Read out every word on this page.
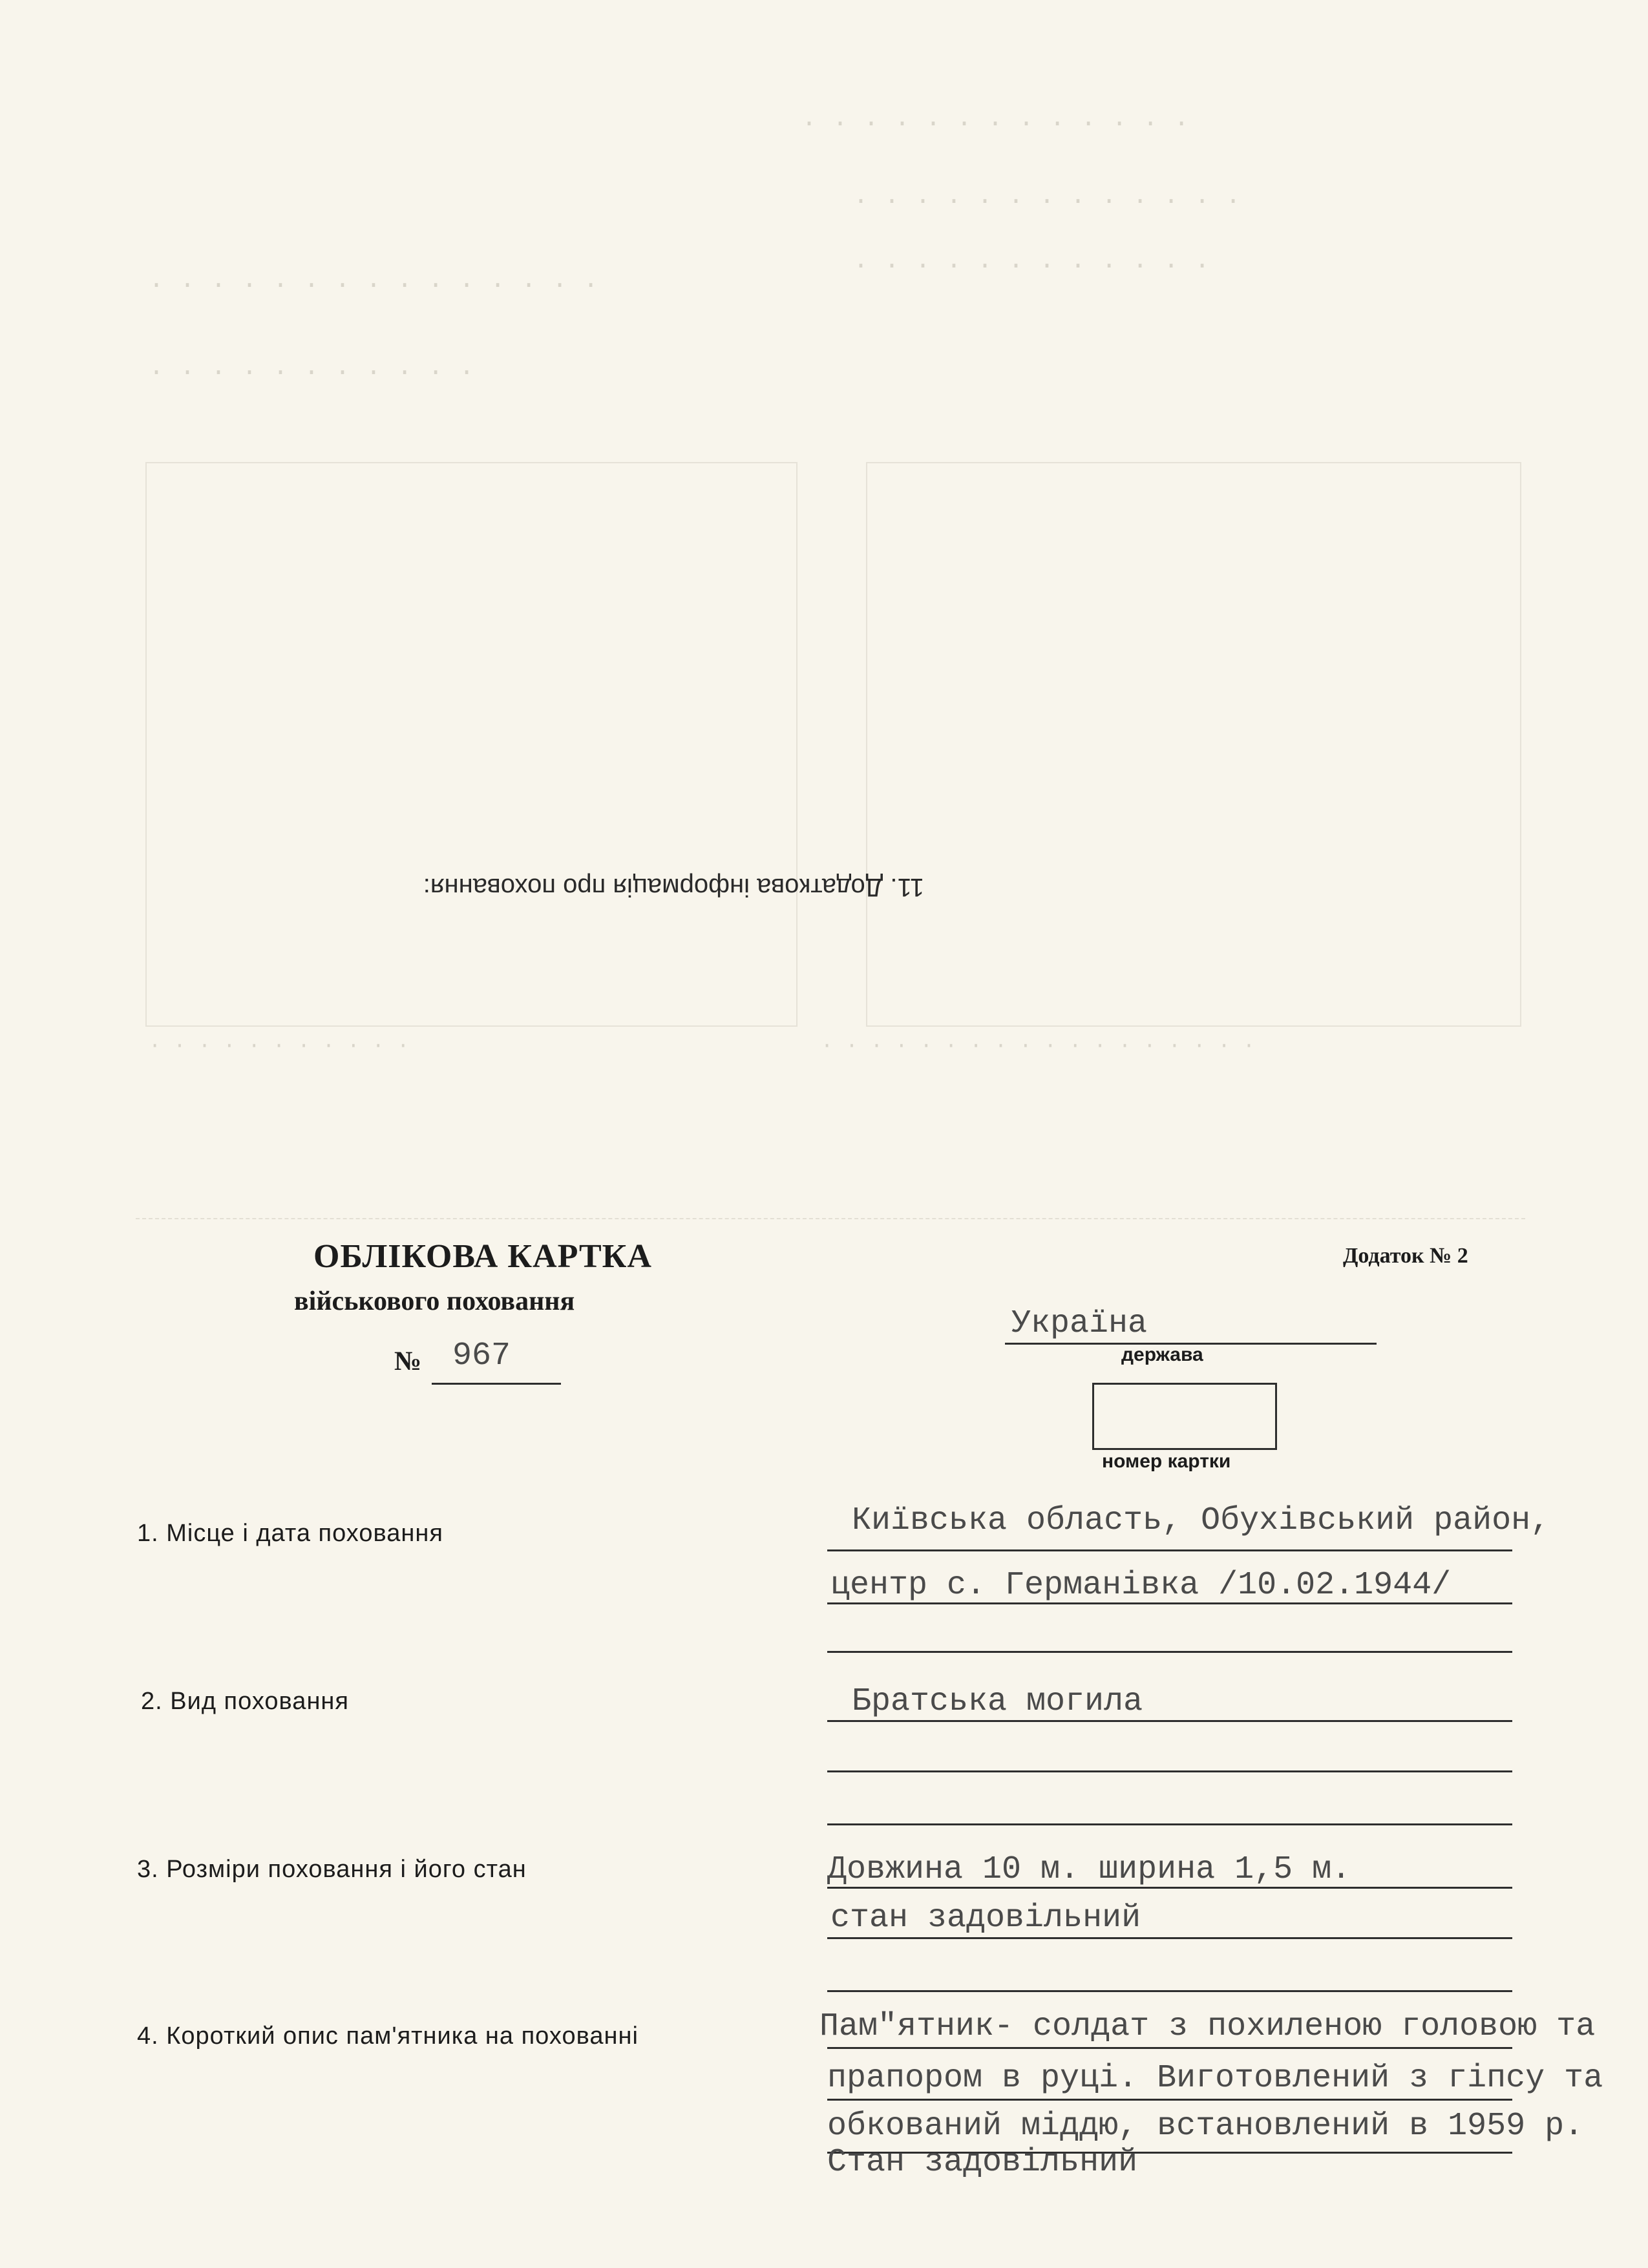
· · · · · · · · · · · · ·
· · · · · · · · · · · · ·
· · · · · · · · · · · ·
· · · · · · · · · · · · · · ·
· · · · · · · · · · ·
· · · · · · · · · · ·	· · · · · · · · · · · · · · · · · ·
11. Додаткова інформація про поховання:
ОБЛІКОВА КАРТКА
військового поховання
№ 967
Додаток № 2
Україна
держава
номер картки
1. Місце і дата поховання	Київська область, Обухівський район,
центр с. Германівка /10.02.1944/
2. Вид поховання	Братська могила
3. Розміри поховання і його стан	Довжина 10 м. ширина 1,5 м.
стан задовільний
4. Короткий опис пам'ятника на похованні	Пам"ятник- солдат з похиленою головою та
прапором в руці. Виготовлений з гіпсу та
обкований міддю, встановлений в 1959 р.
Стан задовільний
